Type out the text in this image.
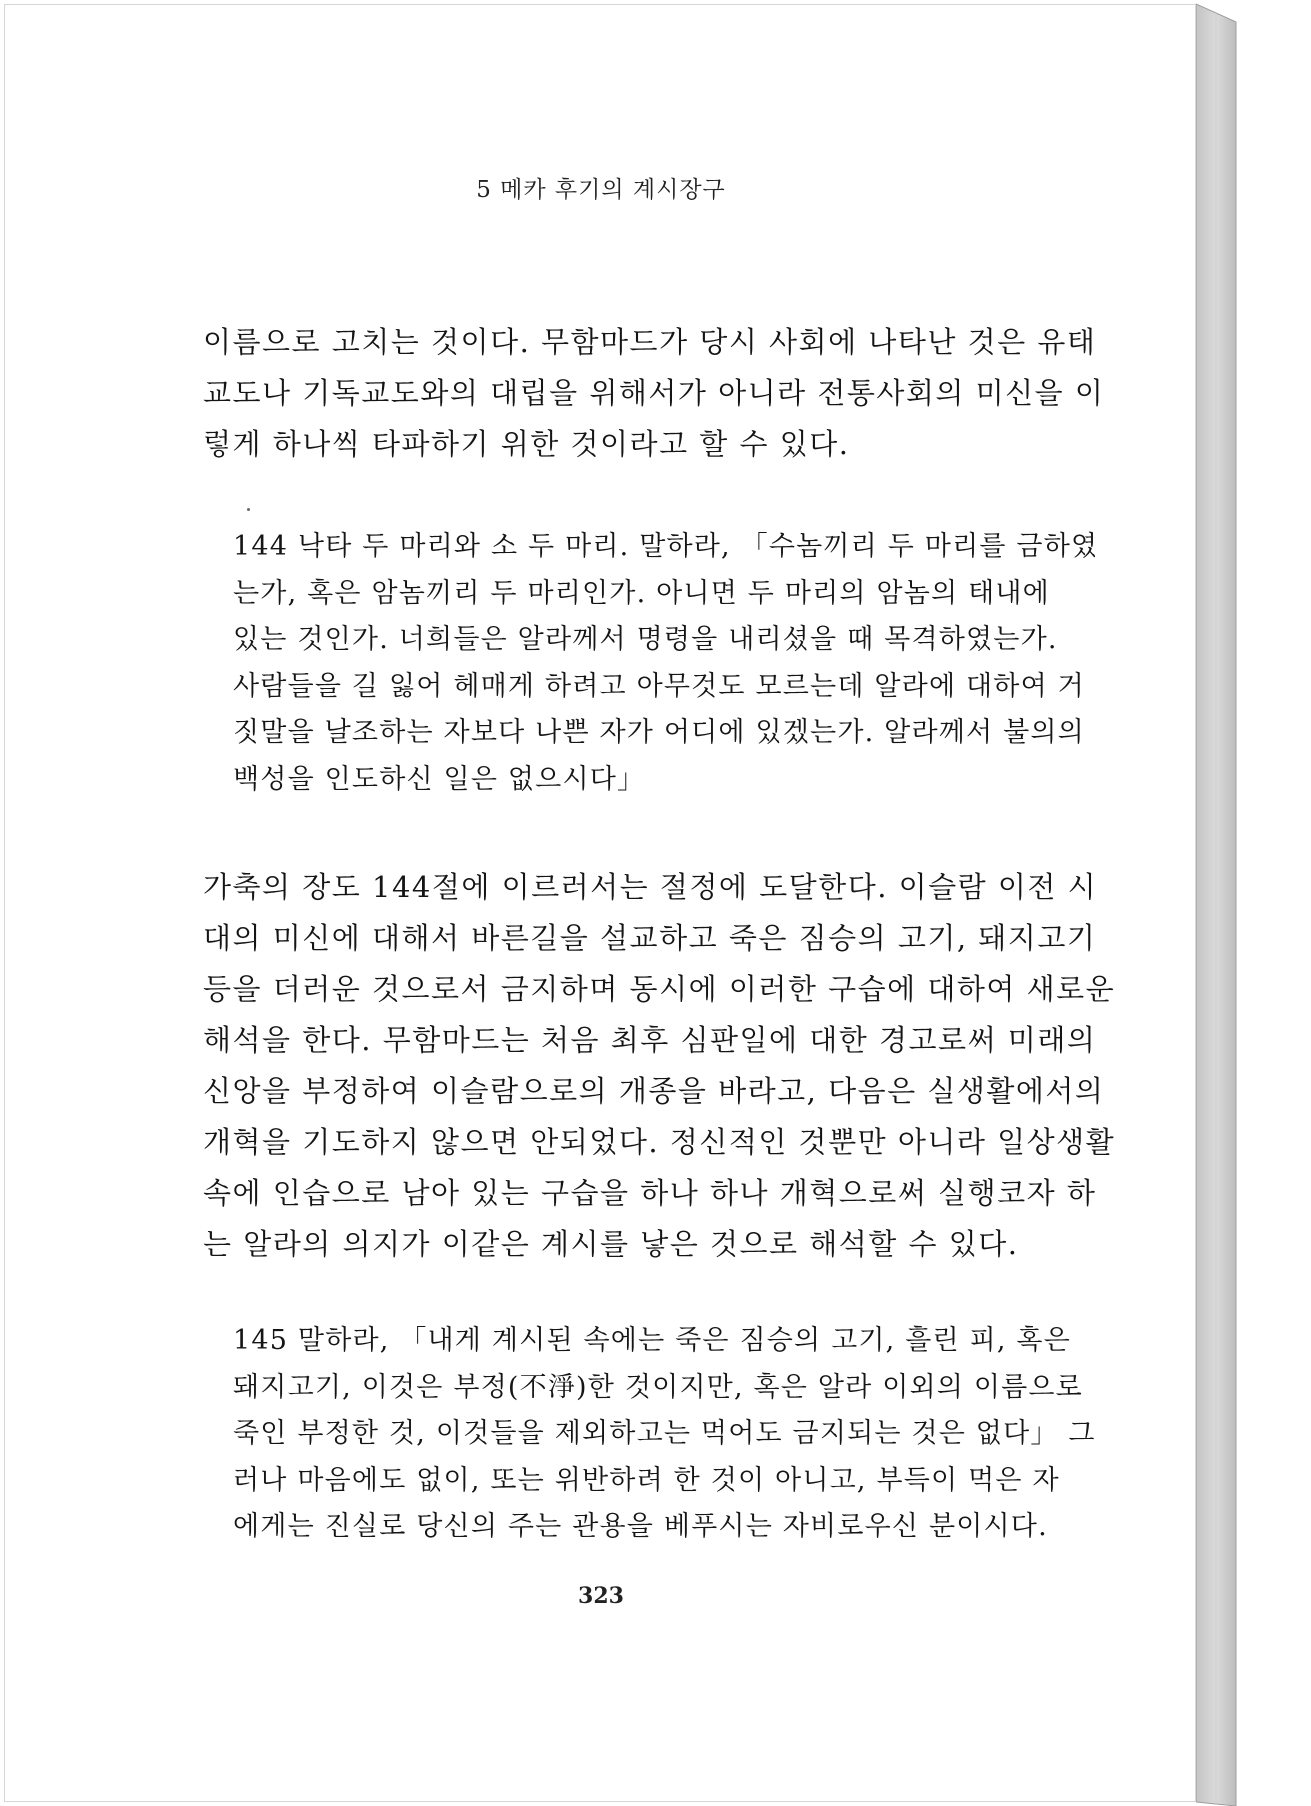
5 메카 후기의 계시장구
이름으로 고치는 것이다. 무함마드가 당시 사회에 나타난 것은 유태
교도나 기독교도와의 대립을 위해서가 아니라 전통사회의 미신을 이
렇게 하나씩 타파하기 위한 것이라고 할 수 있다.
144 낙타 두 마리와 소 두 마리. 말하라, 「수놈끼리 두 마리를 금하였
는가, 혹은 암놈끼리 두 마리인가. 아니면 두 마리의 암놈의 태내에
있는 것인가. 너희들은 알라께서 명령을 내리셨을 때 목격하였는가.
사람들을 길 잃어 헤매게 하려고 아무것도 모르는데 알라에 대하여 거
짓말을 날조하는 자보다 나쁜 자가 어디에 있겠는가. 알라께서 불의의
백성을 인도하신 일은 없으시다」
가축의 장도 144절에 이르러서는 절정에 도달한다. 이슬람 이전 시
대의 미신에 대해서 바른길을 설교하고 죽은 짐승의 고기, 돼지고기
등을 더러운 것으로서 금지하며 동시에 이러한 구습에 대하여 새로운
해석을 한다. 무함마드는 처음 최후 심판일에 대한 경고로써 미래의
신앙을 부정하여 이슬람으로의 개종을 바라고, 다음은 실생활에서의
개혁을 기도하지 않으면 안되었다. 정신적인 것뿐만 아니라 일상생활
속에 인습으로 남아 있는 구습을 하나 하나 개혁으로써 실행코자 하
는 알라의 의지가 이같은 계시를 낳은 것으로 해석할 수 있다.
145 말하라, 「내게 계시된 속에는 죽은 짐승의 고기, 흘린 피, 혹은
돼지고기, 이것은 부정(不淨)한 것이지만, 혹은 알라 이외의 이름으로
죽인 부정한 것, 이것들을 제외하고는 먹어도 금지되는 것은 없다」 그
러나 마음에도 없이, 또는 위반하려 한 것이 아니고, 부득이 먹은 자
에게는 진실로 당신의 주는 관용을 베푸시는 자비로우신 분이시다.
323
